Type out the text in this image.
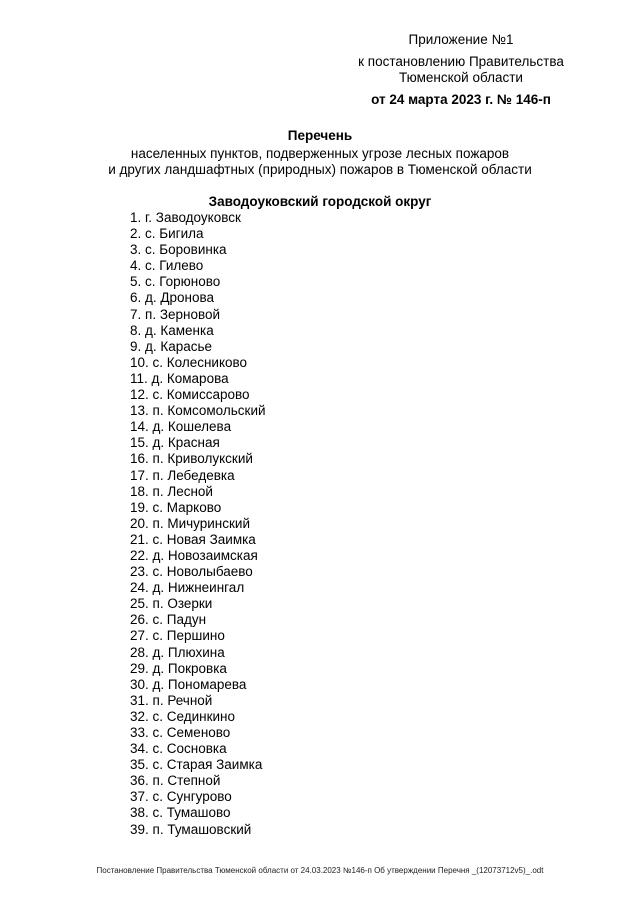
Приложение №1
к постановлению Правительства
Тюменской области
от 24 марта 2023 г. № 146-п
Перечень
населенных пунктов, подверженных угрозе лесных пожаров
и других ландшафтных (природных) пожаров в Тюменской области
Заводоуковский городской округ
1. г. Заводоуковск
2. с. Бигила
3. с. Боровинка
4. с. Гилево
5. с. Горюново
6. д. Дронова
7. п. Зерновой
8. д. Каменка
9. д. Карасье
10. с. Колесниково
11. д. Комарова
12. с. Комиссарово
13. п. Комсомольский
14. д. Кошелева
15. д. Красная
16. п. Криволукский
17. п. Лебедевка
18. п. Лесной
19. с. Марково
20. п. Мичуринский
21. с. Новая Заимка
22. д. Новозаимская
23. с. Новолыбаево
24. д. Нижнеингал
25. п. Озерки
26. с. Падун
27. с. Першино
28. д. Плюхина
29. д. Покровка
30. д. Пономарева
31. п. Речной
32. с. Сединкино
33. с. Семеново
34. с. Сосновка
35. с. Старая Заимка
36. п. Степной
37. с. Сунгурово
38. с. Тумашово
39. п. Тумашовский
Постановление Правительства Тюменской области от 24.03.2023 №146-п Об утверждении Перечня _(12073712v5)_.odt
